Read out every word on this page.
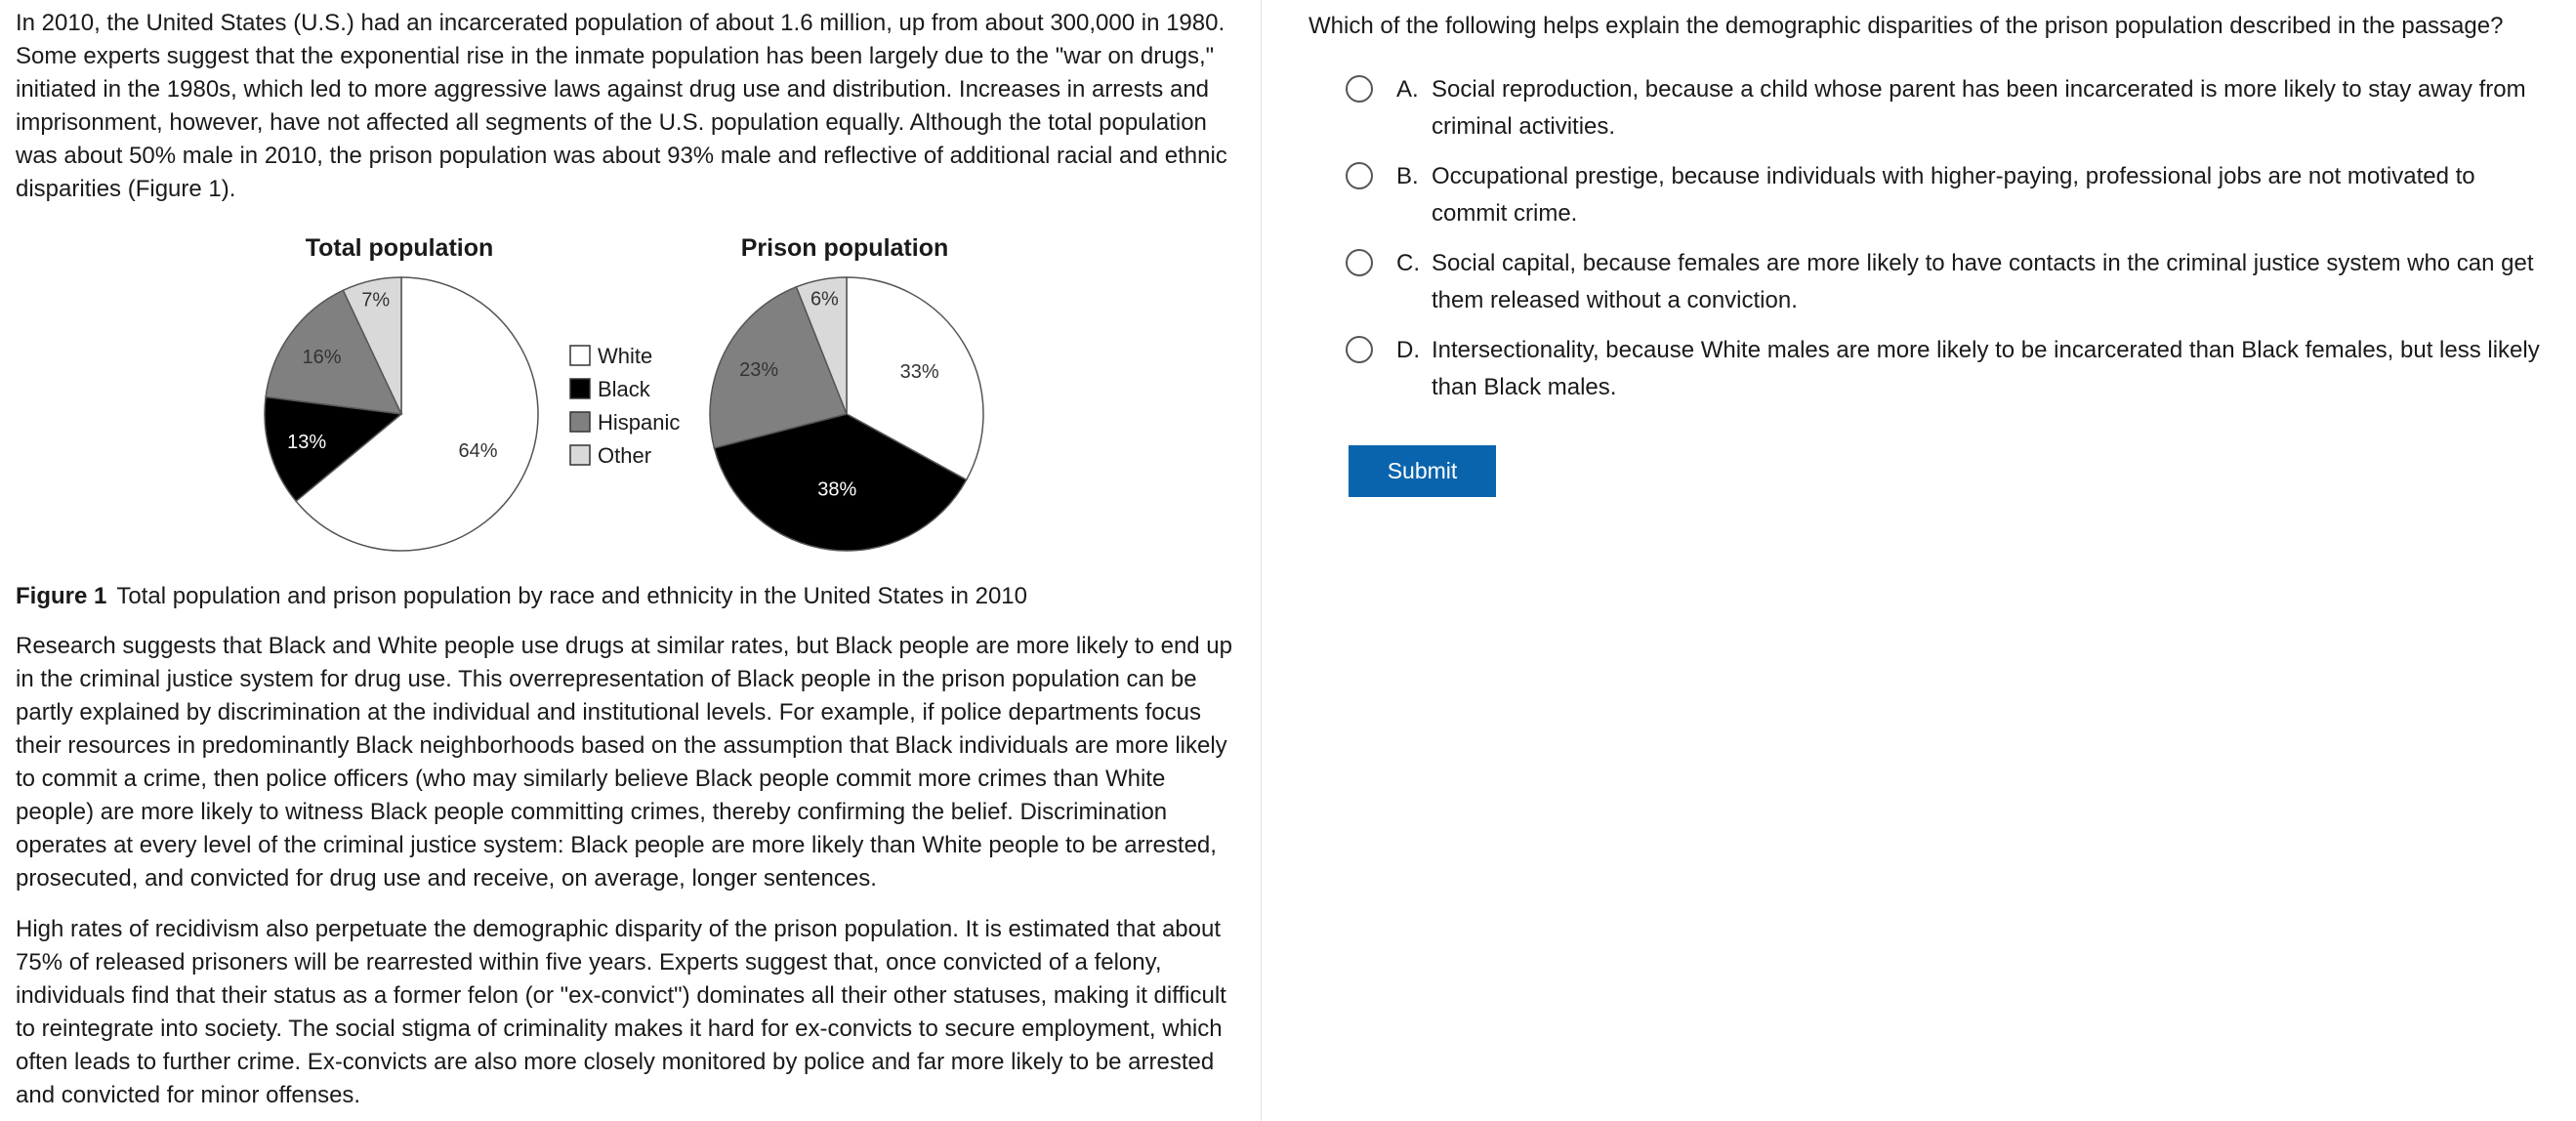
In 2010, the United States (U.S.) had an incarcerated population of about 1.6 million, up from about 300,000 in 1980. Some experts suggest that the exponential rise in the inmate population has been largely due to the "war on drugs," initiated in the 1980s, which led to more aggressive laws against drug use and distribution. Increases in arrests and imprisonment, however, have not affected all segments of the U.S. population equally. Although the total population was about 50% male in 2010, the prison population was about 93% male and reflective of additional racial and ethnic disparities (Figure 1).

Total population
64%
13%
16%
7%
White
Black
Hispanic
Other
Prison population
33%
38%
23%
6%
Figure 1 Total population and prison population by race and ethnicity in the United States in 2010

Research suggests that Black and White people use drugs at similar rates, but Black people are more likely to end up in the criminal justice system for drug use. This overrepresentation of Black people in the prison population can be partly explained by discrimination at the individual and institutional levels. For example, if police departments focus their resources in predominantly Black neighborhoods based on the assumption that Black individuals are more likely to commit a crime, then police officers (who may similarly believe Black people commit more crimes than White people) are more likely to witness Black people committing crimes, thereby confirming the belief. Discrimination operates at every level of the criminal justice system: Black people are more likely than White people to be arrested, prosecuted, and convicted for drug use and receive, on average, longer sentences.

High rates of recidivism also perpetuate the demographic disparity of the prison population. It is estimated that about 75% of released prisoners will be rearrested within five years. Experts suggest that, once convicted of a felony, individuals find that their status as a former felon (or "ex-convict") dominates all their other statuses, making it difficult to reintegrate into society. The social stigma of criminality makes it hard for ex-convicts to secure employment, which often leads to further crime. Ex-convicts are also more closely monitored by police and far more likely to be arrested and convicted for minor offenses.

Which of the following helps explain the demographic disparities of the prison population described in the passage?

A. Social reproduction, because a child whose parent has been incarcerated is more likely to stay away from criminal activities.
B. Occupational prestige, because individuals with higher-paying, professional jobs are not motivated to commit crime.
C. Social capital, because females are more likely to have contacts in the criminal justice system who can get them released without a conviction.
D. Intersectionality, because White males are more likely to be incarcerated than Black females, but less likely than Black males.
Submit
